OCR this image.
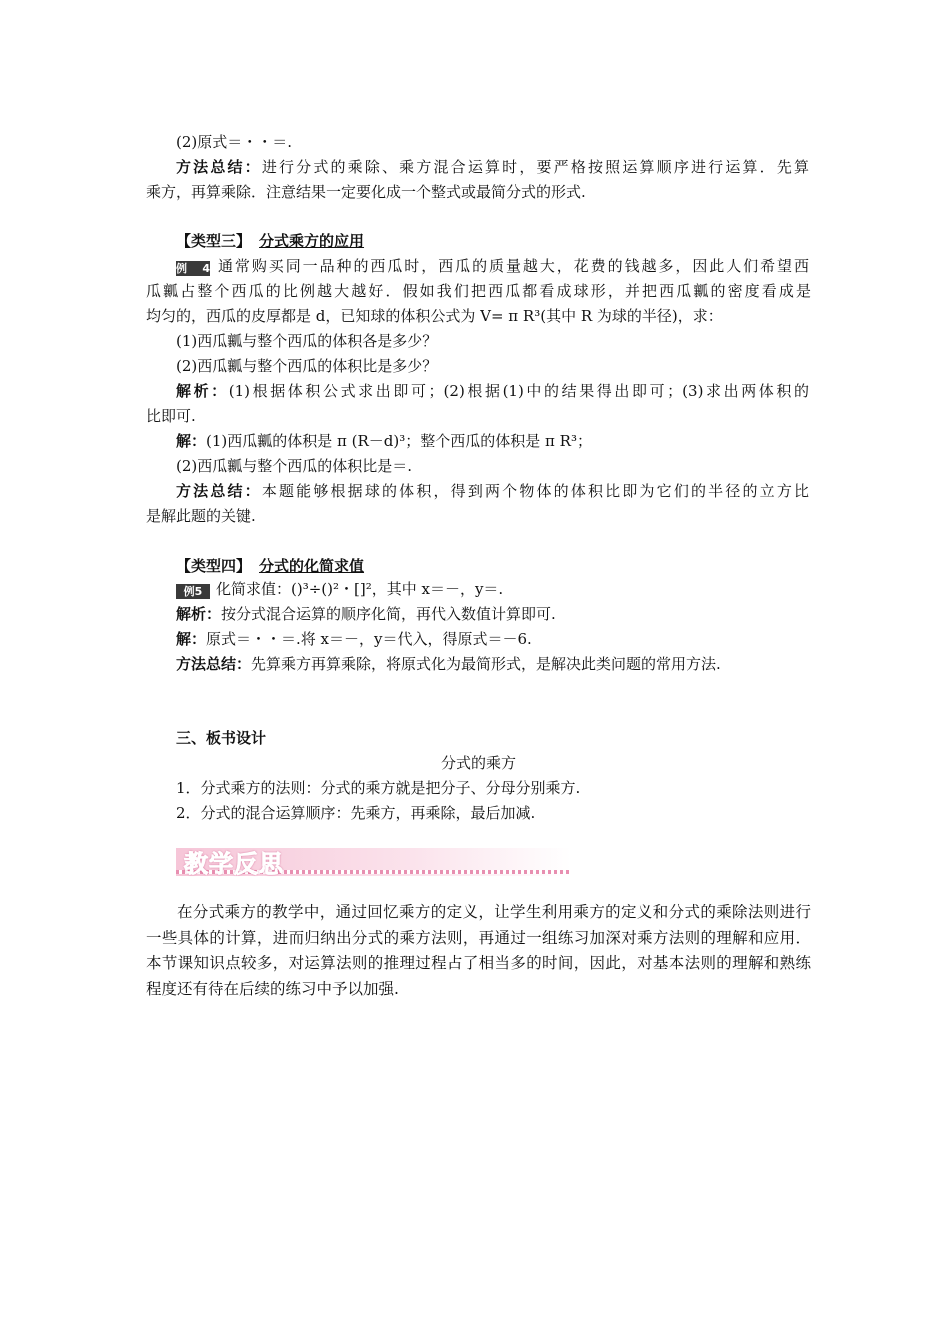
(2)原式＝・・＝.
方法总结：进行分式的乘除、乘方混合运算时，要严格按照运算顺序进行运算．先算
乘方，再算乘除．注意结果一定要化成一个整式或最简分式的形式.
【类型三】 分式乘方的应用
例4 通常购买同一品种的西瓜时，西瓜的质量越大，花费的钱越多，因此人们希望西
瓜瓤占整个西瓜的比例越大越好．假如我们把西瓜都看成球形，并把西瓜瓤的密度看成是
均匀的，西瓜的皮厚都是 d，已知球的体积公式为 V= π R³(其中 R 为球的半径)，求：
(1)西瓜瓤与整个西瓜的体积各是多少？
(2)西瓜瓤与整个西瓜的体积比是多少？
解析：(1)根据体积公式求出即可；(2)根据(1)中的结果得出即可；(3)求出两体积的
比即可.
解：(1)西瓜瓤的体积是 π (R－d)³；整个西瓜的体积是 π R³；
(2)西瓜瓤与整个西瓜的体积比是＝.
方法总结：本题能够根据球的体积，得到两个物体的体积比即为它们的半径的立方比
是解此题的关键.
【类型四】 分式的化简求值
例5 化简求值：()³÷()²・[]²，其中 x＝－，y＝.
解析：按分式混合运算的顺序化简，再代入数值计算即可.
解：原式＝・・＝.将 x＝－，y＝代入，得原式＝－6.
方法总结：先算乘方再算乘除，将原式化为最简形式，是解决此类问题的常用方法.
三、板书设计
分式的乘方
1．分式乘方的法则：分式的乘方就是把分子、分母分别乘方.
2．分式的混合运算顺序：先乘方，再乘除，最后加减.
教学反思
在分式乘方的教学中，通过回忆乘方的定义，让学生利用乘方的定义和分式的乘除法则进行一些具体的计算，进而归纳出分式的乘方法则，再通过一组练习加深对乘方法则的理解和应用．本节课知识点较多，对运算法则的推理过程占了相当多的时间，因此，对基本法则的理解和熟练程度还有待在后续的练习中予以加强.
